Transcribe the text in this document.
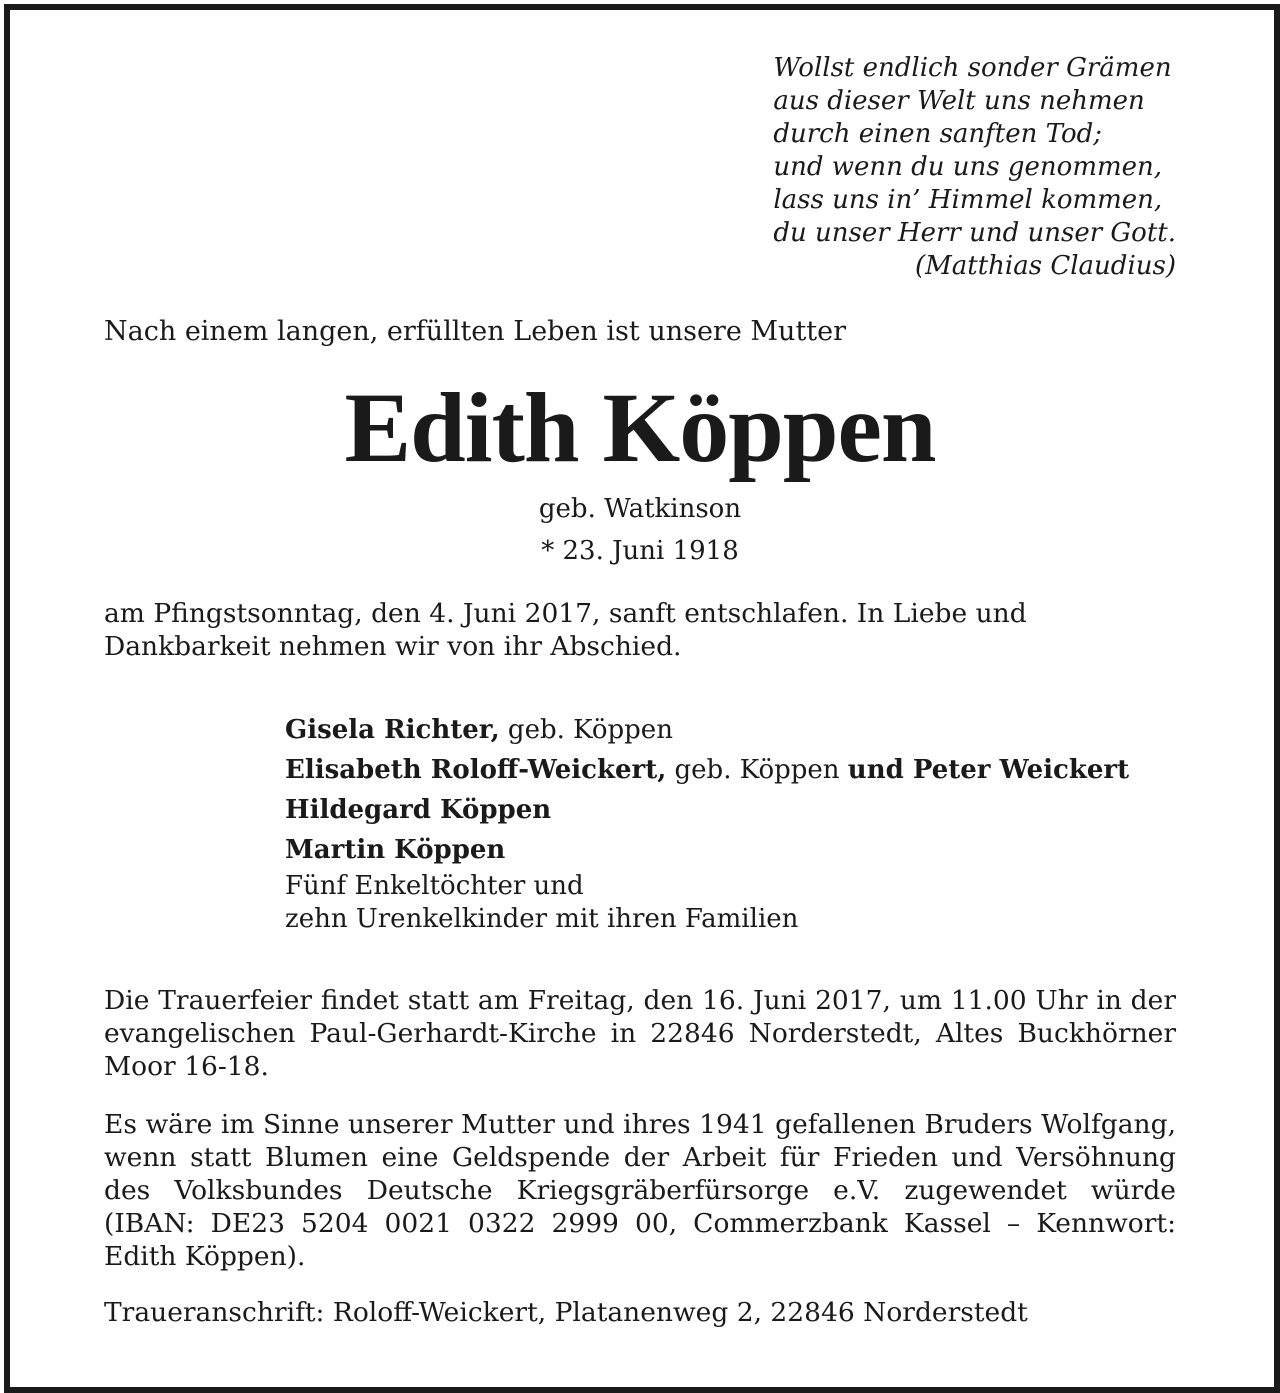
Wollst endlich sonder Grämen
aus dieser Welt uns nehmen
durch einen sanften Tod;
und wenn du uns genommen,
lass uns in’ Himmel kommen,
du unser Herr und unser Gott.
(Matthias Claudius)

Nach einem langen, erfüllten Leben ist unsere Mutter

Edith Köppen

geb. Watkinson

* 23. Juni 1918

am Pfingstsonntag, den 4. Juni 2017, sanft entschlafen. In Liebe und Dankbarkeit nehmen wir von ihr Abschied.

Gisela Richter, geb. Köppen
Elisabeth Roloff-Weickert, geb. Köppen und Peter Weickert
Hildegard Köppen
Martin Köppen
Fünf Enkeltöchter und
zehn Urenkelkinder mit ihren Familien

Die Trauerfeier findet statt am Freitag, den 16. Juni 2017, um 11.00 Uhr in der evangelischen Paul-Gerhardt-Kirche in 22846 Norderstedt, Altes Buckhörner Moor 16-18.

Es wäre im Sinne unserer Mutter und ihres 1941 gefallenen Bruders Wolfgang, wenn statt Blumen eine Geldspende der Arbeit für Frieden und Versöhnung des Volksbundes Deutsche Kriegsgräberfürsorge e.V. zugewendet würde (IBAN: DE23 5204 0021 0322 2999 00, Commerzbank Kassel – Kennwort: Edith Köppen).

Traueranschrift: Roloff-Weickert, Platanenweg 2, 22846 Norderstedt
